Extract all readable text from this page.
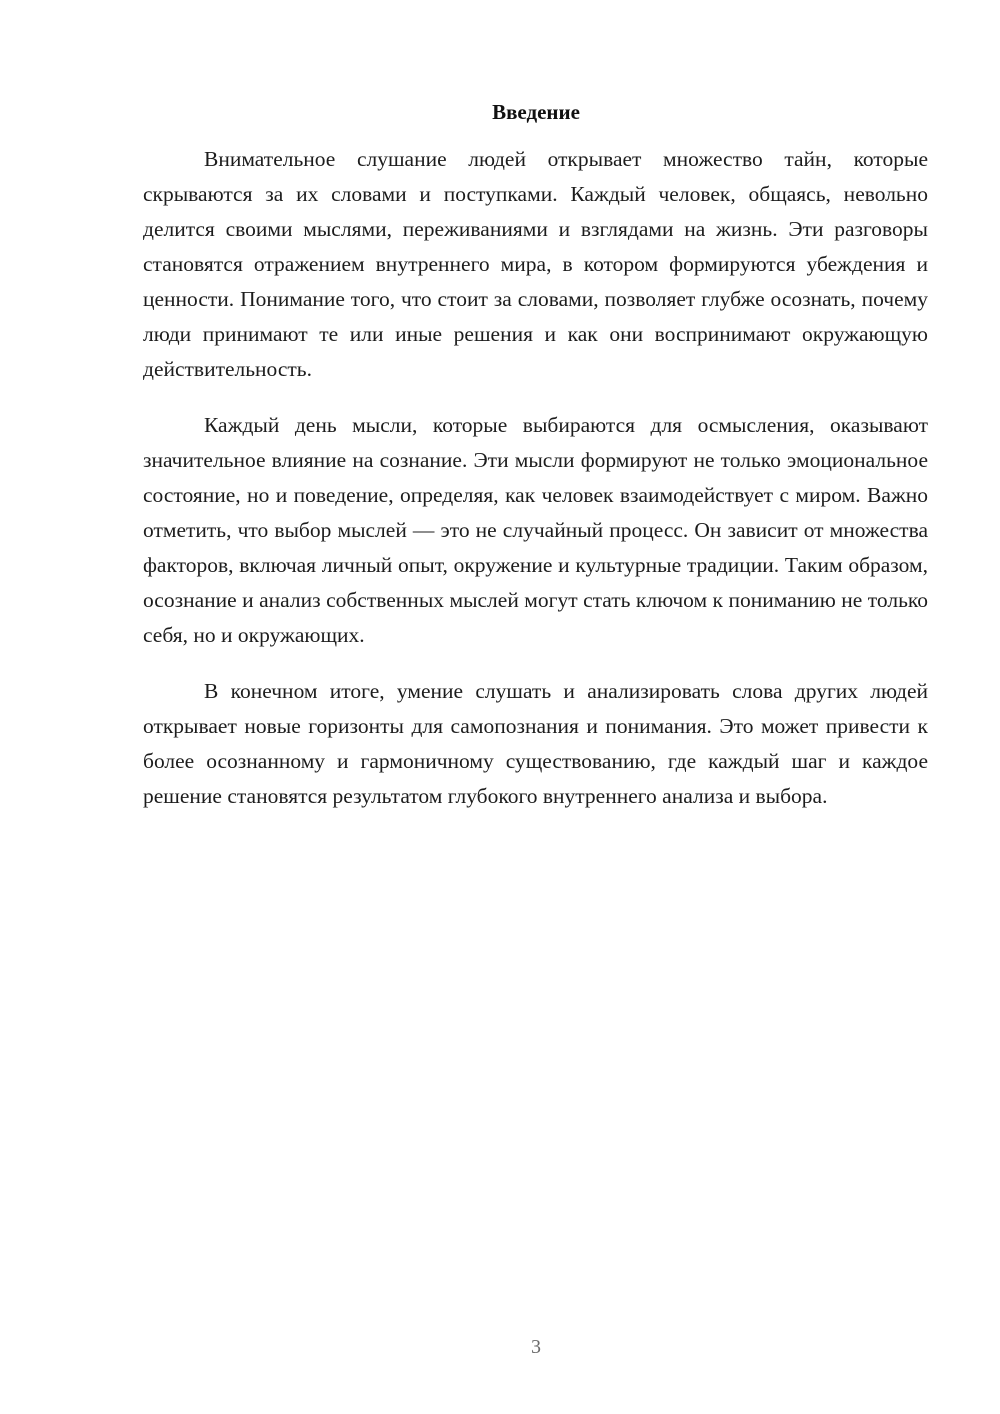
Введение

Внимательное слушание людей открывает множество тайн, которые скрываются за их словами и поступками. Каждый человек, общаясь, невольно делится своими мыслями, переживаниями и взглядами на жизнь. Эти разговоры становятся отражением внутреннего мира, в котором формируются убеждения и ценности. Понимание того, что стоит за словами, позволяет глубже осознать, почему люди принимают те или иные решения и как они воспринимают окружающую действительность.

Каждый день мысли, которые выбираются для осмысления, оказывают значительное влияние на сознание. Эти мысли формируют не только эмоциональное состояние, но и поведение, определяя, как человек взаимодействует с миром. Важно отметить, что выбор мыслей — это не случайный процесс. Он зависит от множества факторов, включая личный опыт, окружение и культурные традиции. Таким образом, осознание и анализ собственных мыслей могут стать ключом к пониманию не только себя, но и окружающих.

В конечном итоге, умение слушать и анализировать слова других людей открывает новые горизонты для самопознания и понимания. Это может привести к более осознанному и гармоничному существованию, где каждый шаг и каждое решение становятся результатом глубокого внутреннего анализа и выбора.

3
